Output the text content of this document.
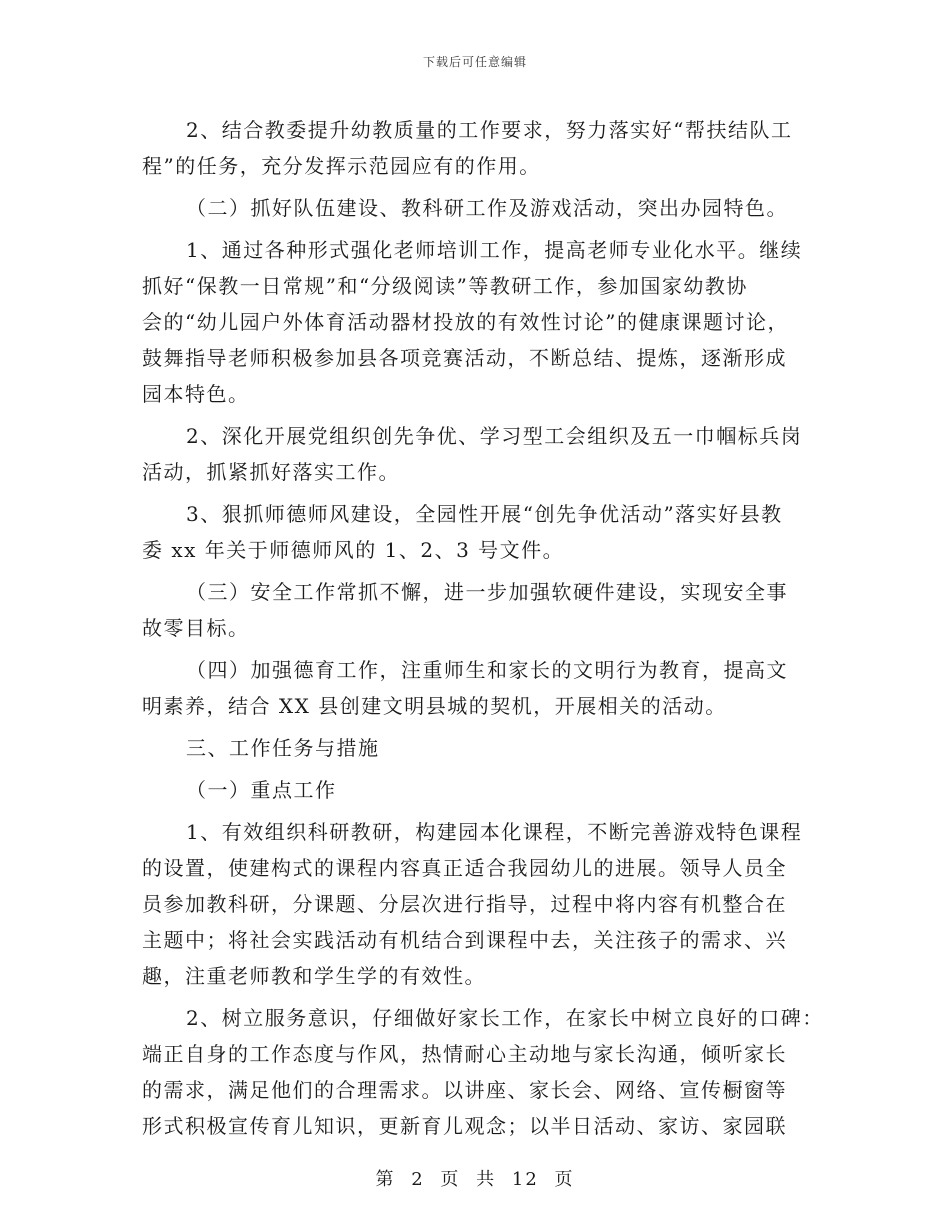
下载后可任意编辑

2、结合教委提升幼教质量的工作要求，努力落实好“帮扶结队工
程”的任务，充分发挥示范园应有的作用。

（二）抓好队伍建设、教科研工作及游戏活动，突出办园特色。

1、通过各种形式强化老师培训工作，提高老师专业化水平。继续
抓好“保教一日常规”和“分级阅读”等教研工作，参加国家幼教协
会的“幼儿园户外体育活动器材投放的有效性讨论”的健康课题讨论，
鼓舞指导老师积极参加县各项竞赛活动，不断总结、提炼，逐渐形成
园本特色。

2、深化开展党组织创先争优、学习型工会组织及五一巾帼标兵岗
活动，抓紧抓好落实工作。

3、狠抓师德师风建设，全园性开展“创先争优活动”落实好县教
委 xx 年关于师德师风的 1、2、3 号文件。

（三）安全工作常抓不懈，进一步加强软硬件建设，实现安全事
故零目标。

（四）加强德育工作，注重师生和家长的文明行为教育，提高文
明素养，结合 XX 县创建文明县城的契机，开展相关的活动。

三、工作任务与措施

（一）重点工作

1、有效组织科研教研，构建园本化课程，不断完善游戏特色课程
的设置，使建构式的课程内容真正适合我园幼儿的进展。领导人员全
员参加教科研，分课题、分层次进行指导，过程中将内容有机整合在
主题中；将社会实践活动有机结合到课程中去，关注孩子的需求、兴
趣，注重老师教和学生学的有效性。

2、树立服务意识，仔细做好家长工作，在家长中树立良好的口碑：
端正自身的工作态度与作风，热情耐心主动地与家长沟通，倾听家长
的需求，满足他们的合理需求。以讲座、家长会、网络、宣传橱窗等
形式积极宣传育儿知识，更新育儿观念；以半日活动、家访、家园联

第 2 页 共 12 页
